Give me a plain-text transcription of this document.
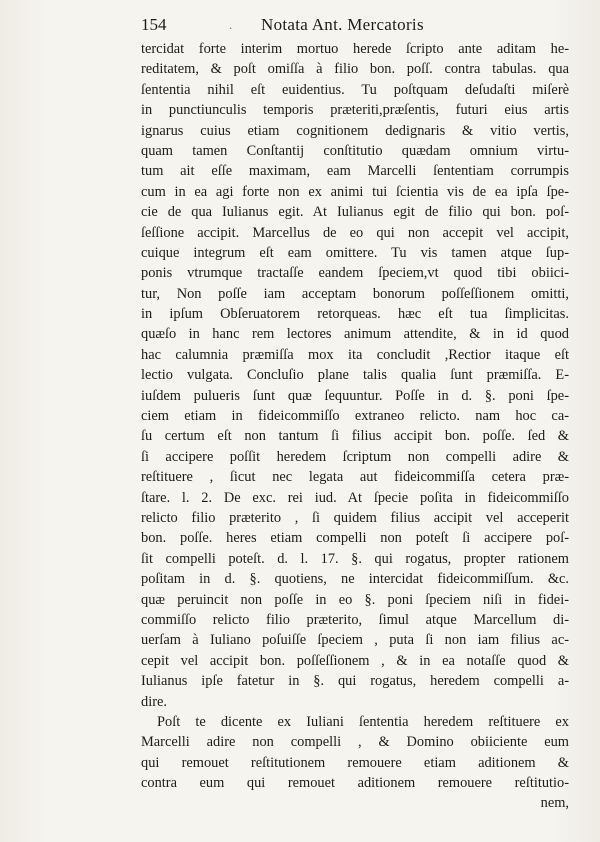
154	. Notata Ant. Mercatoris
tercidat forte interim mortuo herede ſcripto ante aditam he-
reditatem, & poſt omiſſa à filio bon. poſſ. contra tabulas. qua
ſententia nihil eſt euidentius. Tu poſtquam deſudaſti miſerè
in punctiunculis temporis præteriti,præſentis, futuri eius artis
ignarus cuius etiam cognitionem dedignaris & vitio vertis,
quam tamen Conſtantij conſtitutio quædam omnium virtu-
tum ait eſſe maximam, eam Marcelli ſententiam corrumpis
cum in ea agi forte non ex animi tui ſcientia vis de ea ipſa ſpe-
cie de qua Iulianus egit. At Iulianus egit de filio qui bon. poſ-
ſeſſione accipit. Marcellus de eo qui non accepit vel accipit,
cuique integrum eſt eam omittere. Tu vis tamen atque ſup-
ponis vtrumque tractaſſe eandem ſpeciem,vt quod tibi obiici-
tur, Non poſſe iam acceptam bonorum poſſeſſionem omitti,
in ipſum Obſeruatorem retorqueas. hæc eſt tua ſimplicitas.
quæſo in hanc rem lectores animum attendite, & in id quod
hac calumnia præmiſſa mox ita concludit ,Rectior itaque eſt
lectio vulgata. Concluſio plane talis qualia ſunt præmiſſa. E-
iuſdem pulueris ſunt quæ ſequuntur. Poſſe in d. §. poni ſpe-
ciem etiam in fideicommiſſo extraneo relicto. nam hoc ca-
ſu certum eſt non tantum ſi filius accipit bon. poſſe. ſed &
ſi accipere poſſit heredem ſcriptum non compelli adire &
reſtituere , ſicut nec legata aut fideicommiſſa cetera præ-
ſtare. l. 2. De exc. rei iud. At ſpecie poſita in fideicommiſſo
relicto filio præterito , ſi quidem filius accipit vel acceperit
bon. poſſe. heres etiam compelli non poteſt ſi accipere poſ-
ſit compelli poteſt. d. l. 17. §. qui rogatus, propter rationem
poſitam in d. §. quotiens, ne intercidat fideicommiſſum. &c.
quæ peruincit non poſſe in eo §. poni ſpeciem niſi in fidei-
commiſſo relicto filio præterito, ſimul atque Marcellum di-
uerſam à Iuliano poſuiſſe ſpeciem , puta ſi non iam filius ac-
cepit vel accipit bon. poſſeſſionem , & in ea notaſſe quod &
Iulianus ipſe fatetur in §. qui rogatus, heredem compelli a-
dire.
Poſt te dicente ex Iuliani ſententia heredem reſtituere ex
Marcelli adire non compelli , & Domino obiiciente eum
qui remouet reſtitutionem remouere etiam aditionem &
contra eum qui remouet aditionem remouere reſtitutio-
nem,
